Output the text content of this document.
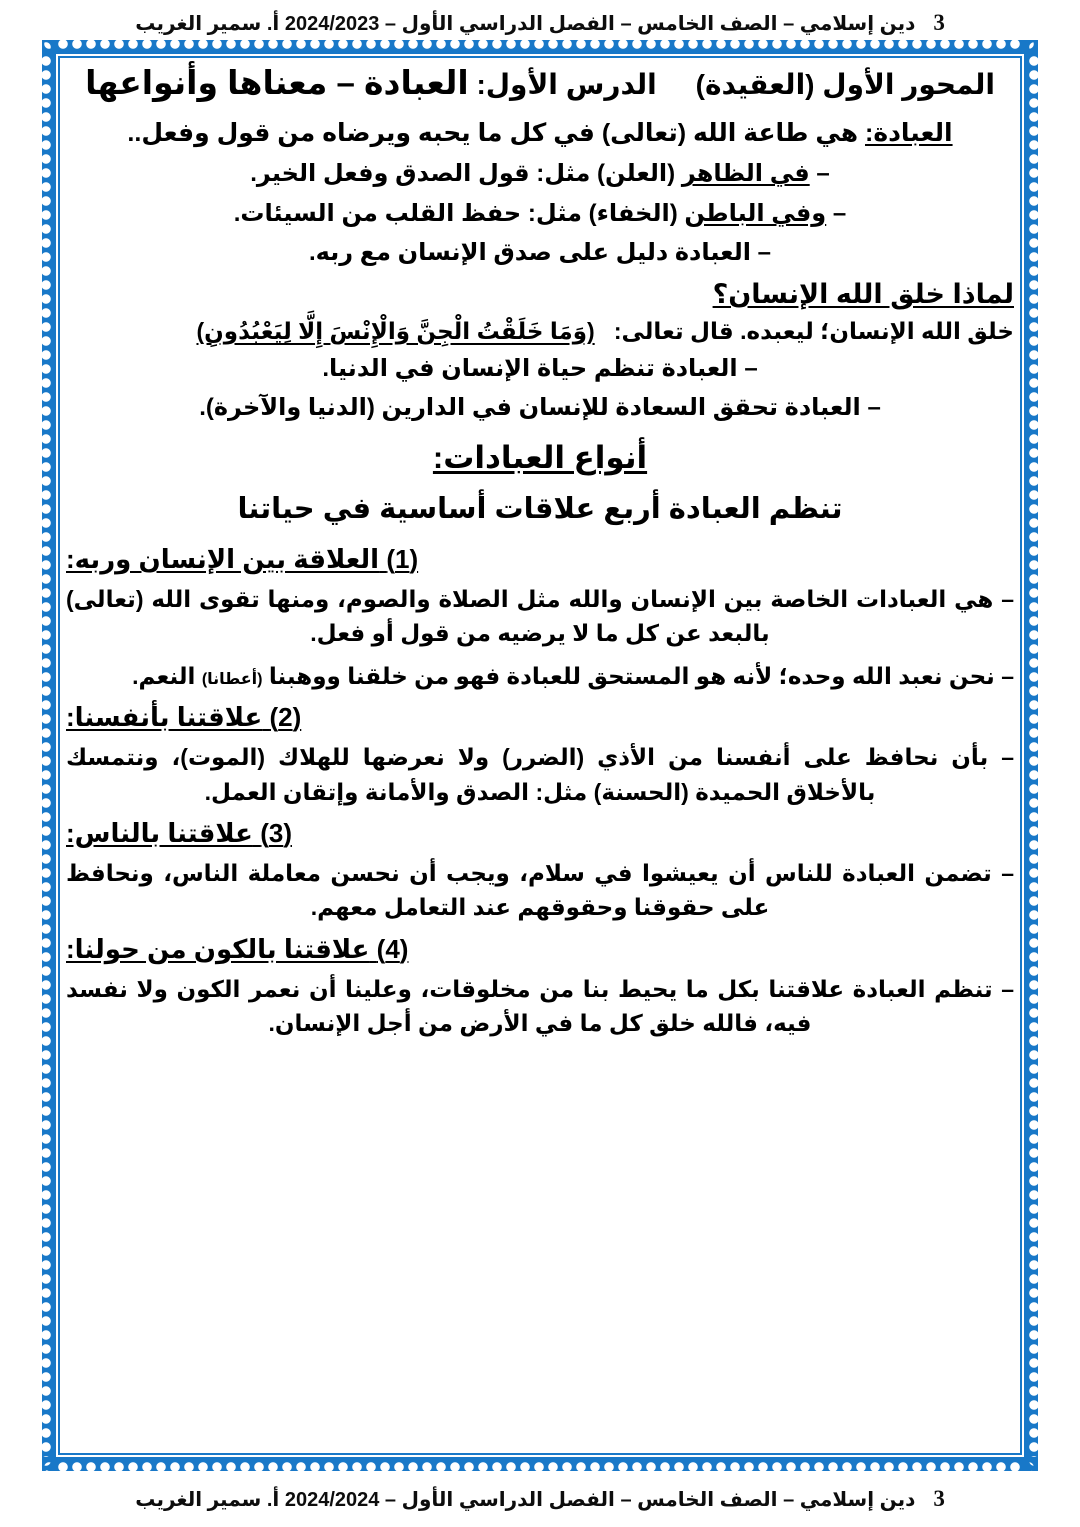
3
دين إسلامي – الصف الخامس – الفصل الدراسي الأول – 2024/2023 أ. سمير الغريب
المحور الأول (العقيدة)     الدرس الأول: العبادة – معناها وأنواعها
العبادة: هي طاعة الله (تعالى) في كل ما يحبه ويرضاه من قول وفعل..
– في الظاهر (العلن) مثل: قول الصدق وفعل الخير.
– وفي الباطن (الخفاء) مثل: حفظ القلب من السيئات.
– العبادة دليل على صدق الإنسان مع ربه.
لماذا خلق الله الإنسان؟
خلق الله الإنسان؛ ليعبده. قال تعالى:   (وَمَا خَلَقْتُ الْجِنَّ وَالْإِنْسَ إِلَّا لِيَعْبُدُونِ)
– العبادة تنظم حياة الإنسان في الدنيا.
– العبادة تحقق السعادة للإنسان في الدارين (الدنيا والآخرة).
أنواع العبادات:
تنظم العبادة أربع علاقات أساسية في حياتنا
(1) العلاقة بين الإنسان وربه:
– هي العبادات الخاصة بين الإنسان والله مثل الصلاة والصوم، ومنها تقوى الله (تعالى) بالبعد عن كل ما لا يرضيه من قول أو فعل.
– نحن نعبد الله وحده؛ لأنه هو المستحق للعبادة فهو من خلقنا ووهبنا (أعطانا) النعم.
(2) علاقتنا بأنفسنا:
– بأن نحافظ على أنفسنا من الأذي (الضرر) ولا نعرضها للهلاك (الموت)، ونتمسك بالأخلاق الحميدة (الحسنة) مثل: الصدق والأمانة وإتقان العمل.
(3) علاقتنا بالناس:
– تضمن العبادة للناس أن يعيشوا في سلام، ويجب أن نحسن معاملة الناس، ونحافظ على حقوقنا وحقوقهم عند التعامل معهم.
(4) علاقتنا بالكون من حولنا:
– تنظم العبادة علاقتنا بكل ما يحيط بنا من مخلوقات، وعلينا أن نعمر الكون ولا نفسد فيه، فالله خلق كل ما في الأرض من أجل الإنسان.
3
دين إسلامي – الصف الخامس – الفصل الدراسي الأول – 2024/2024 أ. سمير الغريب
